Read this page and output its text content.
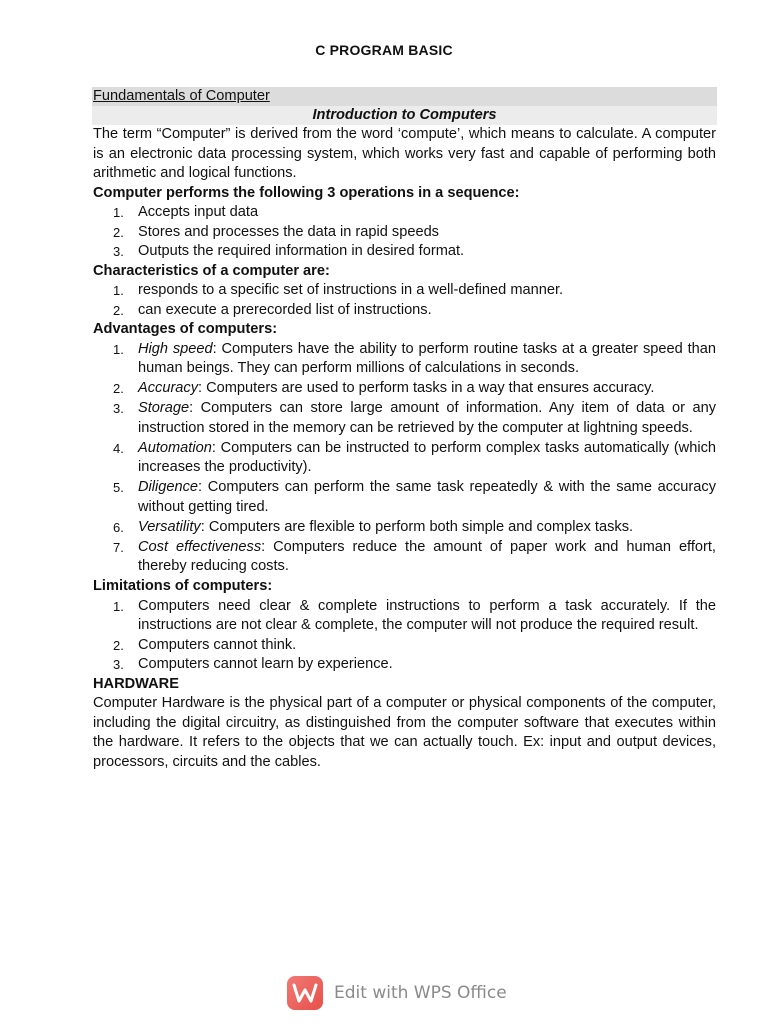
C PROGRAM BASIC
Fundamentals of Computer
Introduction to Computers

The term “Computer” is derived from the word ‘compute’, which means to calculate. A computer is an electronic data processing system, which works very fast and capable of performing both arithmetic and logical functions.

Computer performs the following 3 operations in a sequence:
1. Accepts input data
2. Stores and processes the data in rapid speeds
3. Outputs the required information in desired format.
Characteristics of a computer are:
1. responds to a specific set of instructions in a well-defined manner.
2. can execute a prerecorded list of instructions.
Advantages of computers:
1. High speed: Computers have the ability to perform routine tasks at a greater speed than human beings. They can perform millions of calculations in seconds.
2. Accuracy: Computers are used to perform tasks in a way that ensures accuracy.
3. Storage: Computers can store large amount of information. Any item of data or any instruction stored in the memory can be retrieved by the computer at lightning speeds.
4. Automation: Computers can be instructed to perform complex tasks automatically (which increases the productivity).
5. Diligence: Computers can perform the same task repeatedly & with the same accuracy without getting tired.
6. Versatility: Computers are flexible to perform both simple and complex tasks.
7. Cost effectiveness: Computers reduce the amount of paper work and human effort, thereby reducing costs.
Limitations of computers:
1. Computers need clear & complete instructions to perform a task accurately. If the instructions are not clear & complete, the computer will not produce the required result.
2. Computers cannot think.
3. Computers cannot learn by experience.
HARDWARE

Computer Hardware is the physical part of a computer or physical components of the computer, including the digital circuitry, as distinguished from the computer software that executes within the hardware. It refers to the objects that we can actually touch. Ex: input and output devices, processors, circuits and the cables.

Edit with WPS Office
